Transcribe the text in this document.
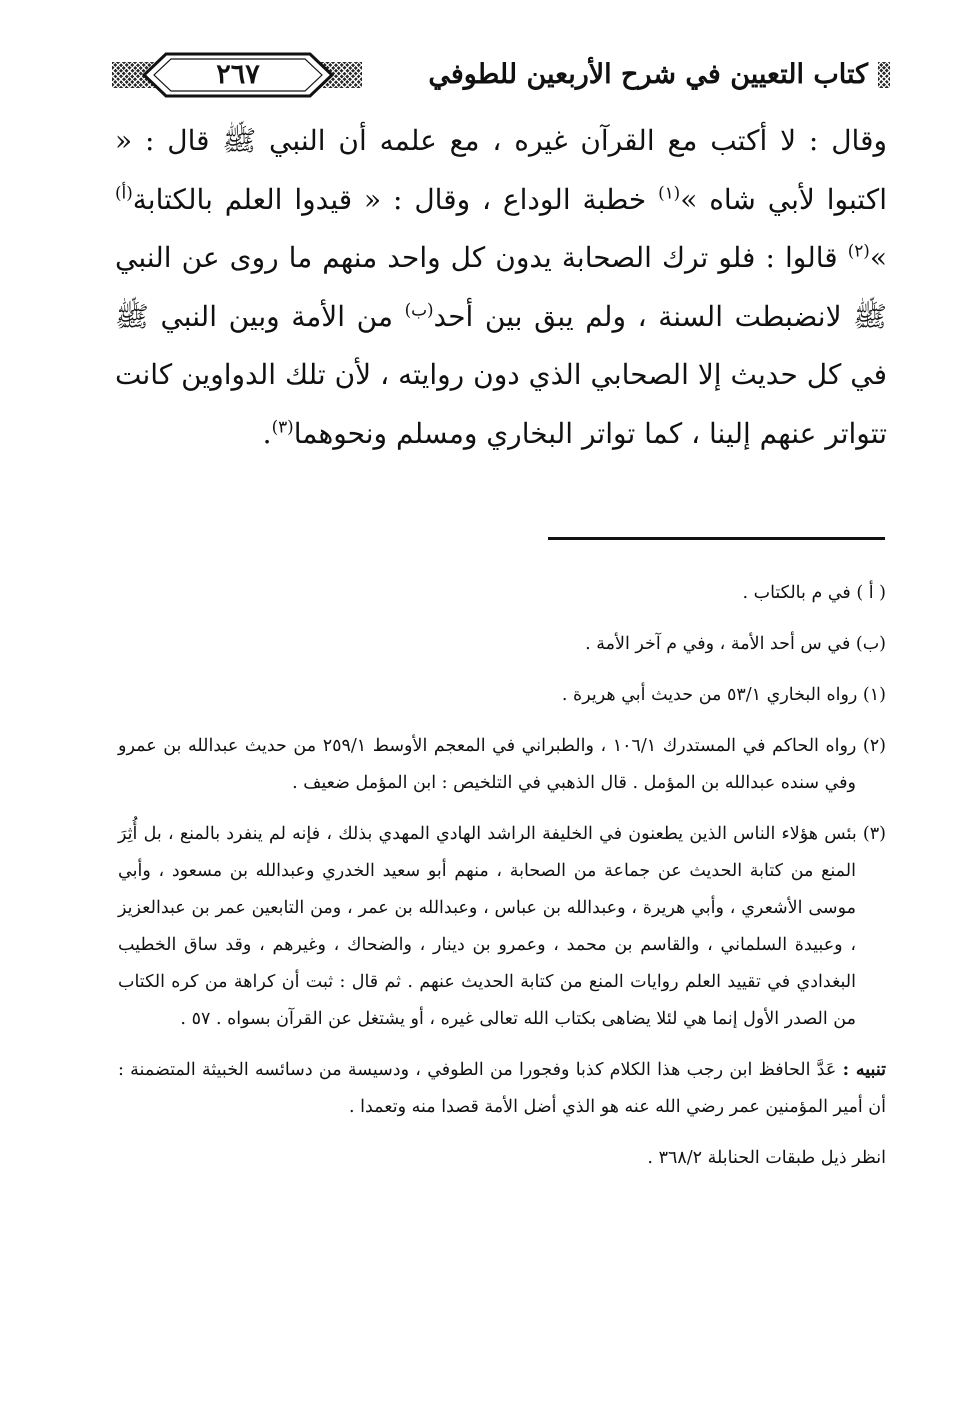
٢٦٧	كتاب التعيين في شرح الأربعين للطوفي

وقال : لا أكتب مع القرآن غيره ، مع علمه أن النبي ﷺ قال : « اكتبوا لأبي شاه »$^{(١)}$ خطبة الوداع ، وقال : « قيدوا العلم بالكتابة$^{(أ)}$ »$^{(٢)}$ قالوا : فلو ترك الصحابة يدون كل واحد منهم ما روى عن النبي ﷺ لانضبطت السنة ، ولم يبق بين أحد$^{(ب)}$ من الأمة وبين النبي ﷺ في كل حديث إلا الصحابي الذي دون روايته ، لأن تلك الدواوين كانت تتواتر عنهم إلينا ، كما تواتر البخاري ومسلم ونحوهما$^{(٣)}$.

( أ ) في م بالكتاب .

(ب) في س أحد الأمة ، وفي م آخر الأمة .

(١) رواه البخاري ٥٣/١ من حديث أبي هريرة .

(٢) رواه الحاكم في المستدرك ١٠٦/١ ، والطبراني في المعجم الأوسط ٢٥٩/١ من حديث عبدالله بن عمرو وفي سنده عبدالله بن المؤمل . قال الذهبي في التلخيص : ابن المؤمل ضعيف .

(٣) بئس هؤلاء الناس الذين يطعنون في الخليفة الراشد الهادي المهدي بذلك ، فإنه لم ينفرد بالمنع ، بل أُثِرَ المنع من كتابة الحديث عن جماعة من الصحابة ، منهم أبو سعيد الخدري وعبدالله بن مسعود ، وأبي موسى الأشعري ، وأبي هريرة ، وعبدالله بن عباس ، وعبدالله بن عمر ، ومن التابعين عمر بن عبدالعزيز ، وعبيدة السلماني ، والقاسم بن محمد ، وعمرو بن دينار ، والضحاك ، وغيرهم ، وقد ساق الخطيب البغدادي في تقييد العلم روايات المنع من كتابة الحديث عنهم . ثم قال : ثبت أن كراهة من كره الكتاب من الصدر الأول إنما هي لئلا يضاهى بكتاب الله تعالى غيره ، أو يشتغل عن القرآن بسواه . ٥٧ .

تنبيه : عَدَّ الحافظ ابن رجب هذا الكلام كذبا وفجورا من الطوفي ، ودسيسة من دسائسه الخبيثة المتضمنة : أن أمير المؤمنين عمر رضي الله عنه هو الذي أضل الأمة قصدا منه وتعمدا .

انظر ذيل طبقات الحنابلة ٣٦٨/٢ .
